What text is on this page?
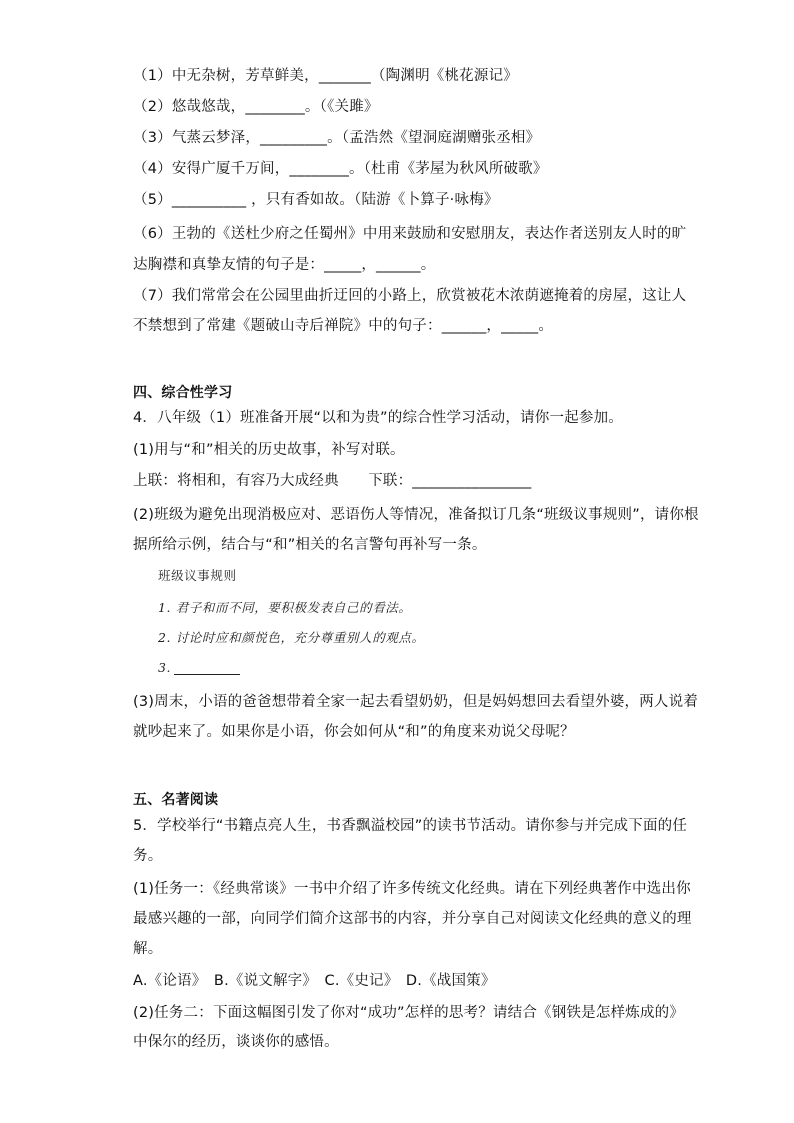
（1）中无杂树，芳草鲜美，_______（陶渊明《桃花源记》
（2）悠哉悠哉，________。（《关雎》
（3）气蒸云梦泽，_________。（孟浩然《望洞庭湖赠张丞相》
（4）安得广厦千万间，________。（杜甫《茅屋为秋风所破歌》
（5）__________ ，只有香如故。（陆游《卜算子·咏梅》
（6）王勃的《送杜少府之任蜀州》中用来鼓励和安慰朋友，表达作者送别友人时的旷
达胸襟和真挚友情的句子是：_____，______。
（7）我们常常会在公园里曲折迂回的小路上，欣赏被花木浓荫遮掩着的房屋，这让人
不禁想到了常建《题破山寺后禅院》中的句子：______，_____。
四、综合性学习
4．八年级（1）班准备开展“以和为贵”的综合性学习活动，请你一起参加。
(1)用与“和”相关的历史故事，补写对联。
上联：将相和，有容乃大成经典　　下联：________________
(2)班级为避免出现消极应对、恶语伤人等情况，准备拟订几条“班级议事规则”，请你根
据所给示例，结合与“和”相关的名言警句再补写一条。
班级议事规则
1. 君子和而不同，要积极发表自己的看法。
2. 讨论时应和颜悦色，充分尊重别人的观点。
3.
(3)周末，小语的爸爸想带着全家一起去看望奶奶，但是妈妈想回去看望外婆，两人说着
就吵起来了。如果你是小语，你会如何从“和”的角度来劝说父母呢？
五、名著阅读
5．学校举行“书籍点亮人生，书香飘溢校园”的读书节活动。请你参与并完成下面的任
务。
(1)任务一：《经典常谈》一书中介绍了许多传统文化经典。请在下列经典著作中选出你
最感兴趣的一部，向同学们简介这部书的内容，并分享自己对阅读文化经典的意义的理
解。
A.《论语》　B.《说文解字》　C.《史记》　D.《战国策》
(2)任务二：下面这幅图引发了你对“成功”怎样的思考？请结合《钢铁是怎样炼成的》
中保尔的经历，谈谈你的感悟。
